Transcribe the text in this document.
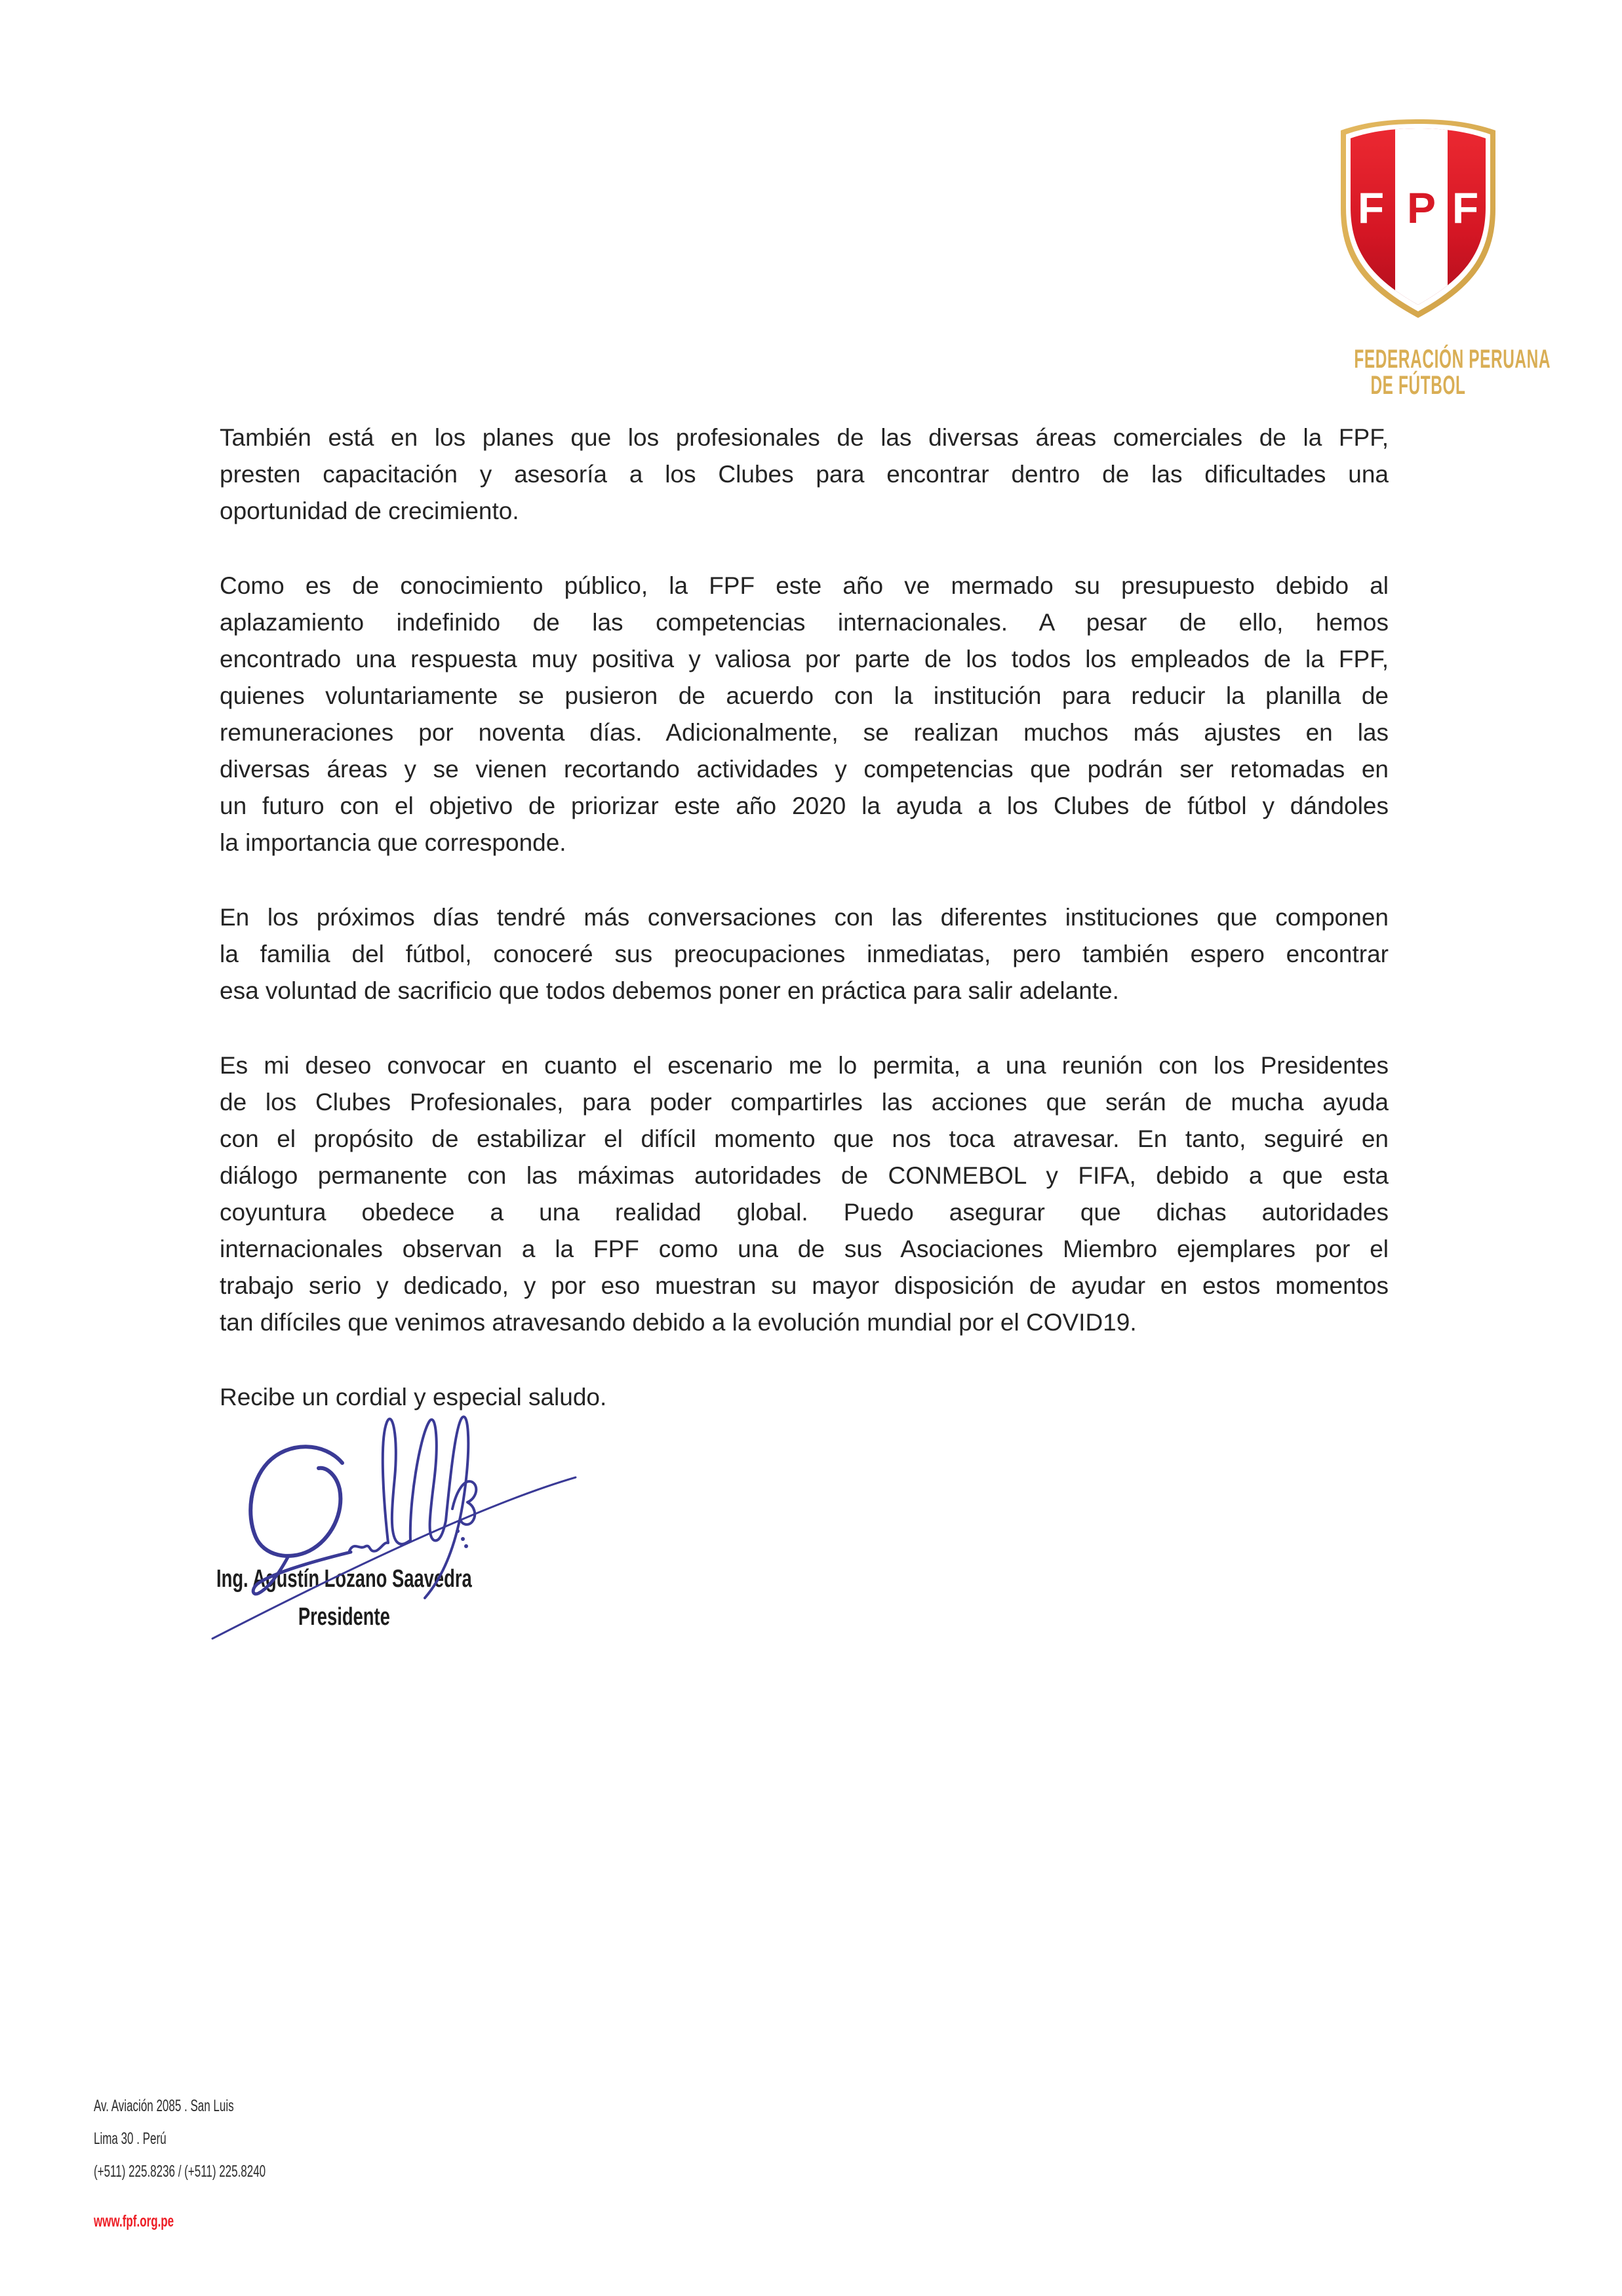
F P F
FEDERACIÓN PERUANA
DE FÚTBOL
También está en los planes que los profesionales de las diversas áreas comerciales de la FPF,
presten capacitación y asesoría a los Clubes para encontrar dentro de las dificultades una
oportunidad de crecimiento.
Como es de conocimiento público, la FPF este año ve mermado su presupuesto debido al
aplazamiento indefinido de las competencias internacionales. A pesar de ello, hemos
encontrado una respuesta muy positiva y valiosa por parte de los todos los empleados de la FPF,
quienes voluntariamente se pusieron de acuerdo con la institución para reducir la planilla de
remuneraciones por noventa días. Adicionalmente, se realizan muchos más ajustes en las
diversas áreas y se vienen recortando actividades y competencias que podrán ser retomadas en
un futuro con el objetivo de priorizar este año 2020 la ayuda a los Clubes de fútbol y dándoles
la importancia que corresponde.
En los próximos días tendré más conversaciones con las diferentes instituciones que componen
la familia del fútbol, conoceré sus preocupaciones inmediatas, pero también espero encontrar
esa voluntad de sacrificio que todos debemos poner en práctica para salir adelante.
Es mi deseo convocar en cuanto el escenario me lo permita, a una reunión con los Presidentes
de los Clubes Profesionales, para poder compartirles las acciones que serán de mucha ayuda
con el propósito de estabilizar el difícil momento que nos toca atravesar. En tanto, seguiré en
diálogo permanente con las máximas autoridades de CONMEBOL y FIFA, debido a que esta
coyuntura obedece a una realidad global. Puedo asegurar que dichas autoridades
internacionales observan a la FPF como una de sus Asociaciones Miembro ejemplares por el
trabajo serio y dedicado, y por eso muestran su mayor disposición de ayudar en estos momentos
tan difíciles que venimos atravesando debido a la evolución mundial por el COVID19.
Recibe un cordial y especial saludo.
Ing. Agustín Lozano Saavedra
Presidente
Av. Aviación 2085 . San Luis
Lima 30 . Perú
(+511) 225.8236 / (+511) 225.8240
www.fpf.org.pe
